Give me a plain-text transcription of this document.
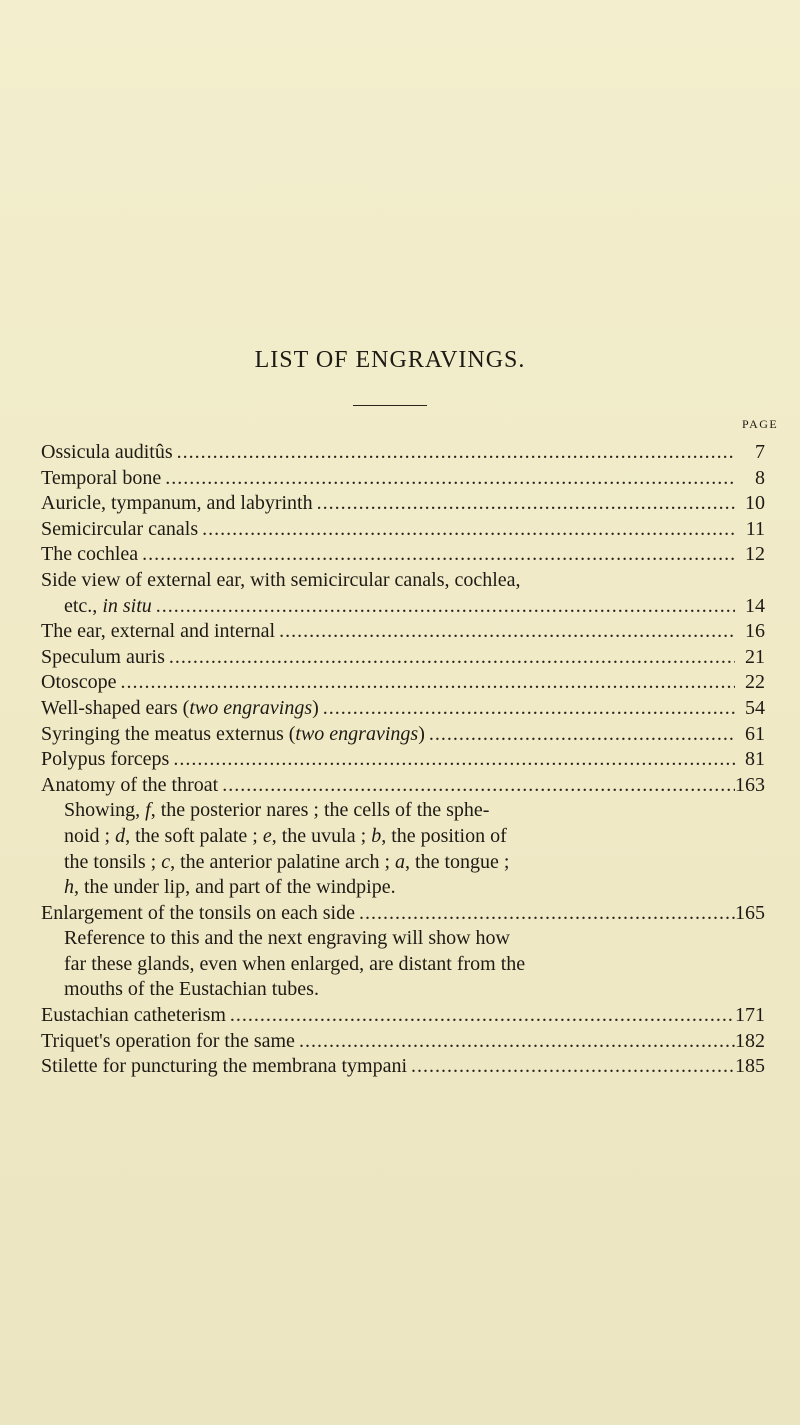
LIST OF ENGRAVINGS.
PAGE
Ossicula auditûs .....	7
Temporal bone .....	8
Auricle, tympanum, and labyrinth .....	10
Semicircular canals .....	11
The cochlea .....	12
Side view of external ear, with semicircular canals, cochlea,
etc., in situ .....	14
The ear, external and internal .....	16
Speculum auris .....	21
Otoscope .....	22
Well-shaped ears (two engravings) .....	54
Syringing the meatus externus (two engravings) .....	61
Polypus forceps .....	81
Anatomy of the throat .....	163
Showing, f, the posterior nares ; the cells of the sphe-
noid ; d, the soft palate ; e, the uvula ; b, the position of
the tonsils ; c, the anterior palatine arch ; a, the tongue ;
h, the under lip, and part of the windpipe.
Enlargement of the tonsils on each side .....	165
Reference to this and the next engraving will show how
far these glands, even when enlarged, are distant from the
mouths of the Eustachian tubes.
Eustachian catheterism .....	171
Triquet's operation for the same .....	182
Stilette for puncturing the membrana tympani .....	185
